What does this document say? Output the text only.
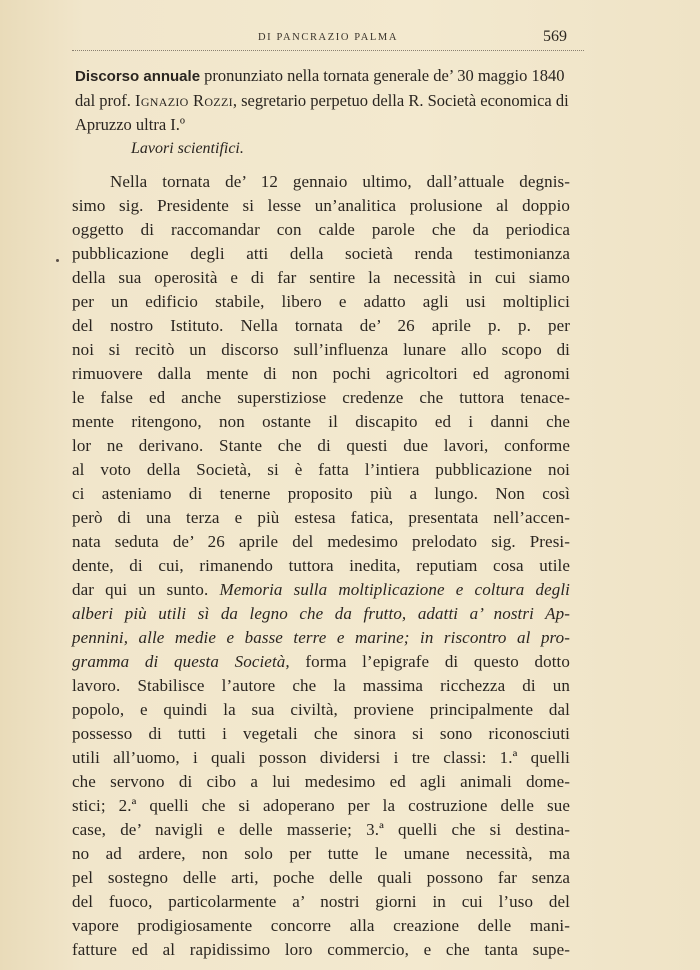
DI PANCRAZIO PALMA	569
Discorso annuale pronunziato nella tornata generale de’ 30 maggio 1840 dal prof. Ignazio Rozzi, segretario perpetuo della R. Società economica di Apruzzo ultra I.º
Lavori scientifici.
Nella tornata de’ 12 gennaio ultimo, dall’attuale degnis-
simo sig. Presidente si lesse un’analitica prolusione al doppio
oggetto di raccomandar con calde parole che da periodica
pubblicazione degli atti della società renda testimonianza
della sua operosità e di far sentire la necessità in cui siamo
per un edificio stabile, libero e adatto agli usi moltiplici
del nostro Istituto. Nella tornata de’ 26 aprile p. p. per
noi si recitò un discorso sull’influenza lunare allo scopo di
rimuovere dalla mente di non pochi agricoltori ed agronomi
le false ed anche superstiziose credenze che tuttora tenace-
mente ritengono, non ostante il discapito ed i danni che
lor ne derivano. Stante che di questi due lavori, conforme
al voto della Società, si è fatta l’intiera pubblicazione noi
ci asteniamo di tenerne proposito più a lungo. Non così
però di una terza e più estesa fatica, presentata nell’accen-
nata seduta de’ 26 aprile del medesimo prelodato sig. Presi-
dente, di cui, rimanendo tuttora inedita, reputiam cosa utile
dar qui un sunto. Memoria sulla moltiplicazione e coltura degli
alberi più utili sì da legno che da frutto, adatti a’ nostri Ap-
pennini, alle medie e basse terre e marine; in riscontro al pro-
gramma di questa Società, forma l’epigrafe di questo dotto
lavoro. Stabilisce l’autore che la massima ricchezza di un
popolo, e quindi la sua civiltà, proviene principalmente dal
possesso di tutti i vegetali che sinora si sono riconosciuti
utili all’uomo, i quali posson dividersi i tre classi: 1.ª quelli
che servono di cibo a lui medesimo ed agli animali dome-
stici; 2.ª quelli che si adoperano per la costruzione delle sue
case, de’ navigli e delle masserie; 3.ª quelli che si destina-
no ad ardere, non solo per tutte le umane necessità, ma
pel sostegno delle arti, poche delle quali possono far senza
del fuoco, particolarmente a’ nostri giorni in cui l’uso del
vapore prodigiosamente concorre alla creazione delle mani-
fatture ed al rapidissimo loro commercio, e che tanta supe-
